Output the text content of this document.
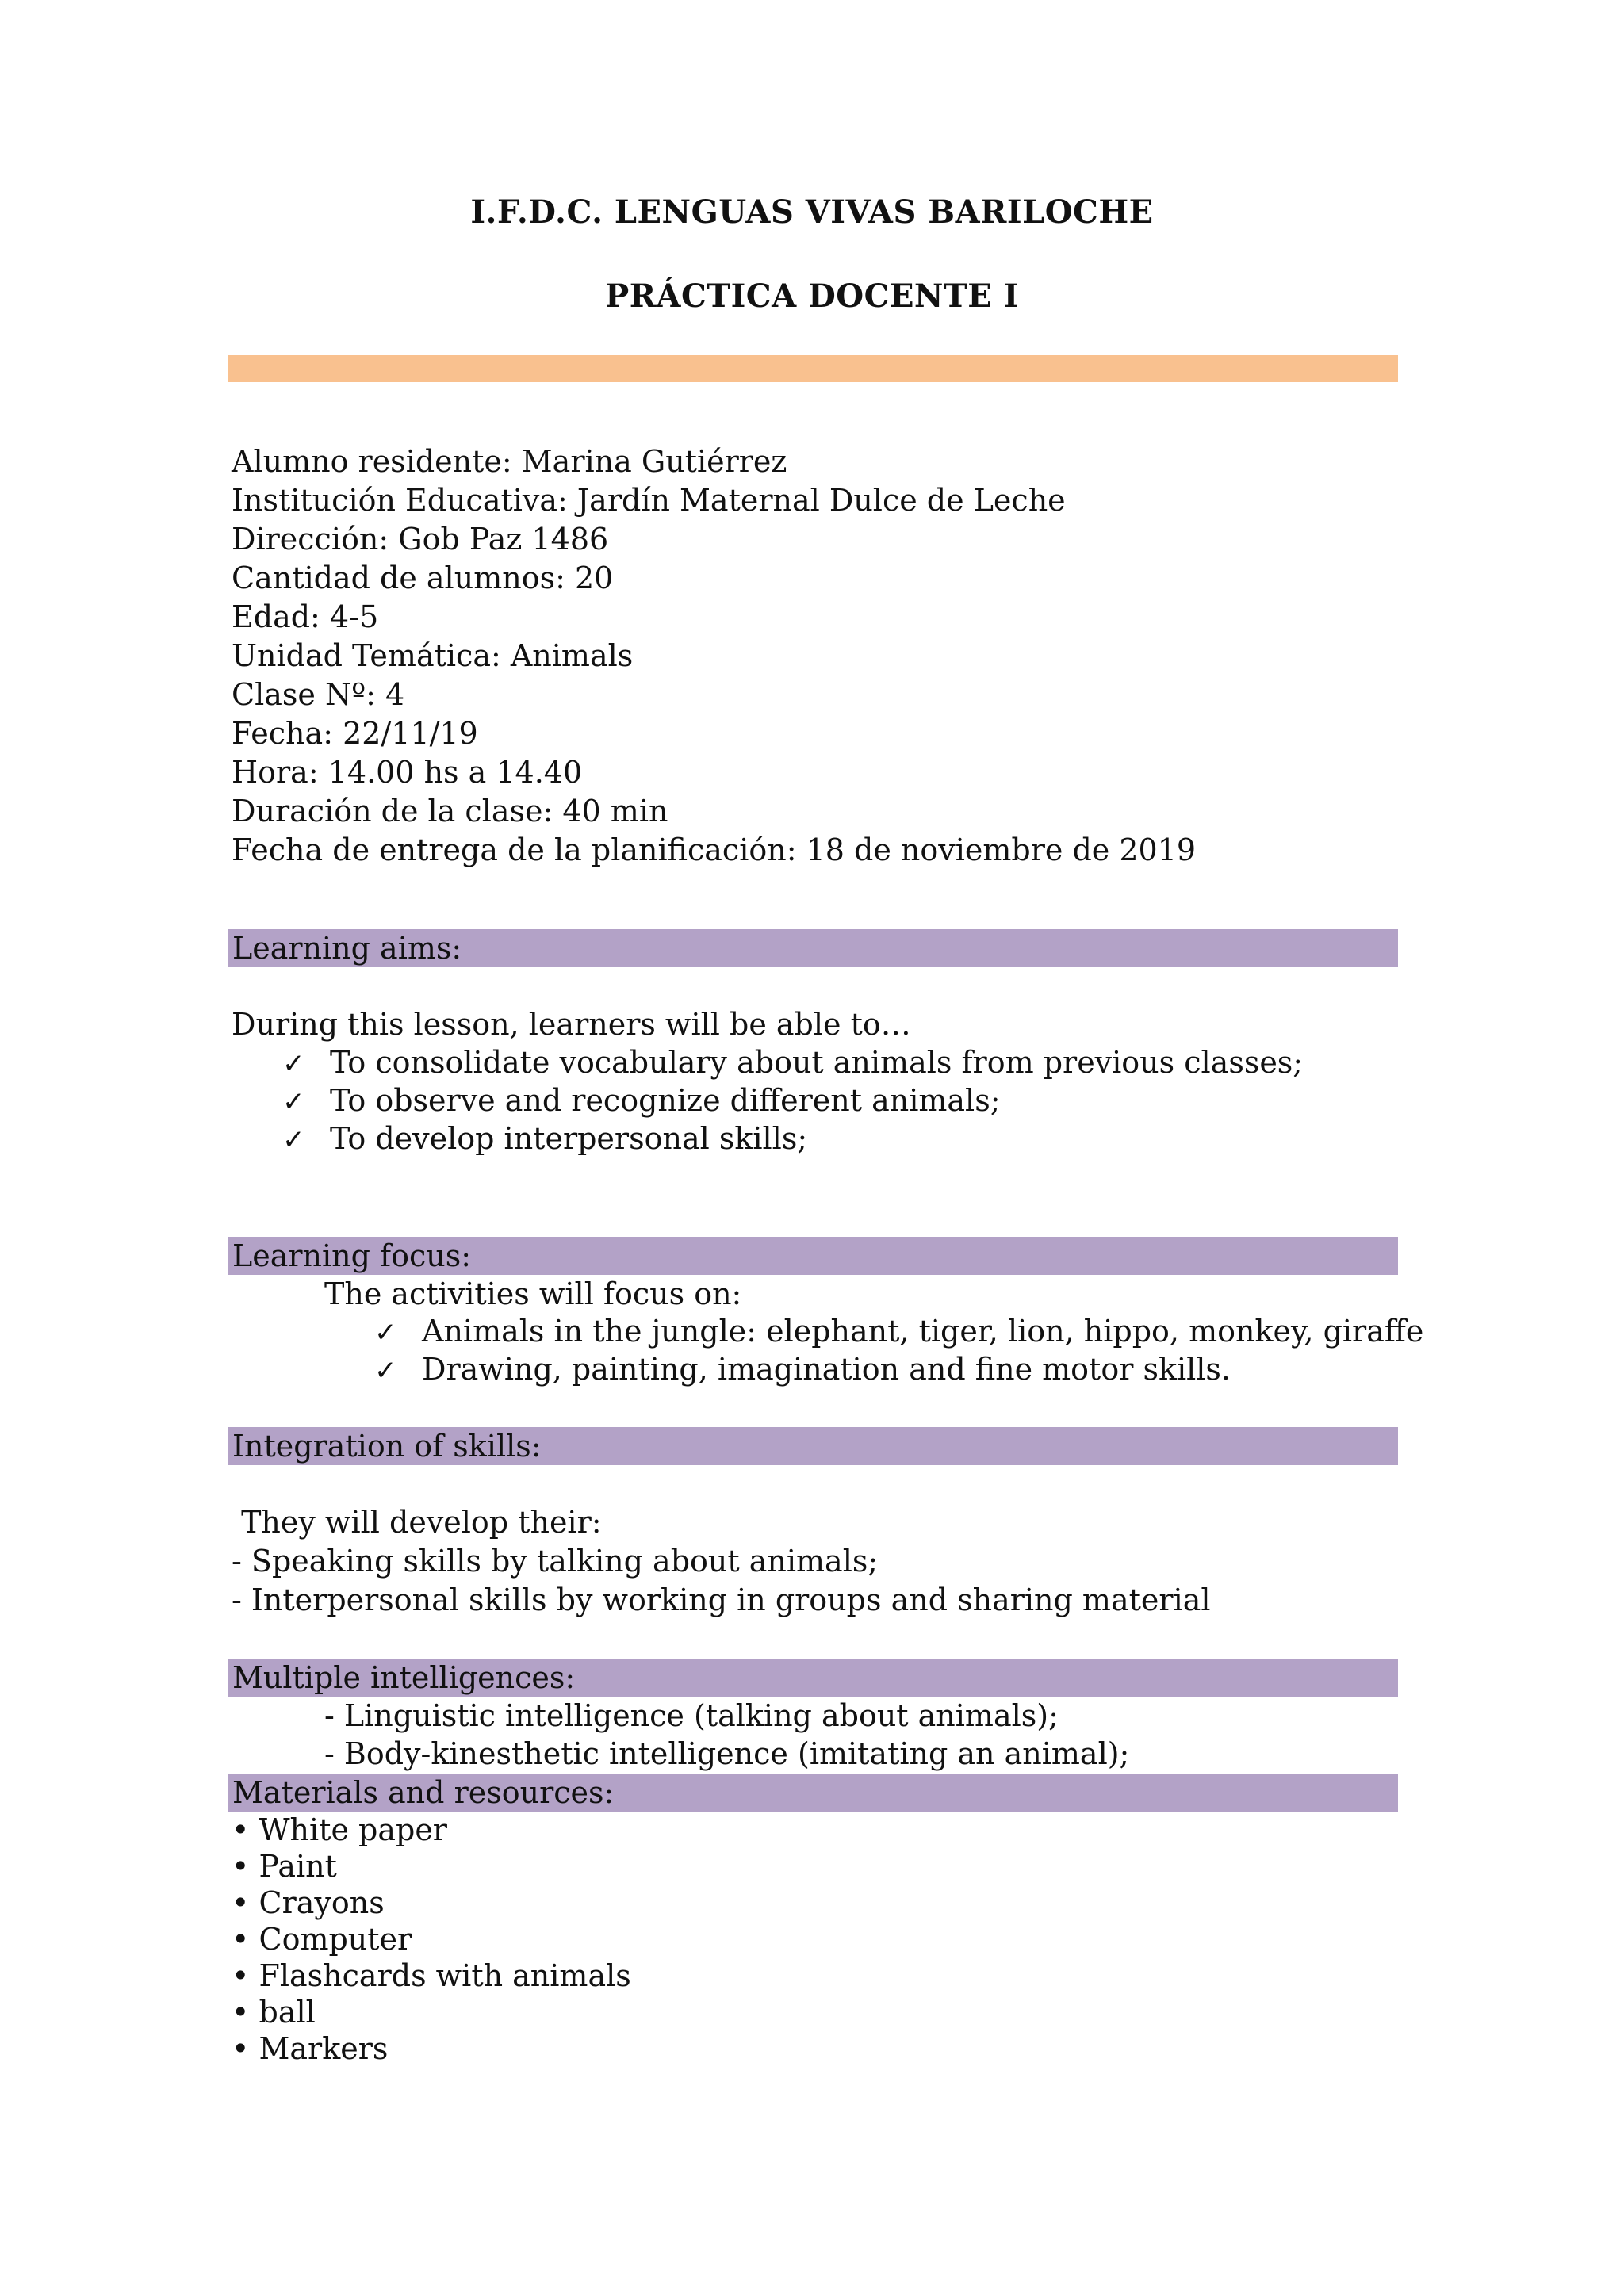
I.F.D.C. LENGUAS VIVAS BARILOCHE
PRÁCTICA DOCENTE I
Alumno residente: Marina Gutiérrez
Institución Educativa: Jardín Maternal Dulce de Leche
Dirección: Gob Paz 1486
Cantidad de alumnos: 20
Edad: 4-5
Unidad Temática: Animals
Clase Nº: 4
Fecha: 22/11/19
Hora: 14.00 hs a 14.40
Duración de la clase: 40 min
Fecha de entrega de la planificación: 18 de noviembre de 2019
Learning aims:
During this lesson, learners will be able to…
✓ To consolidate vocabulary about animals from previous classes;
✓ To observe and recognize different animals;
✓ To develop interpersonal skills;
Learning focus:
The activities will focus on:
✓ Animals in the jungle: elephant, tiger, lion, hippo, monkey, giraffe
✓ Drawing, painting, imagination and fine motor skills.
Integration of skills:
They will develop their:
- Speaking skills by talking about animals;
- Interpersonal skills by working in groups and sharing material
Multiple intelligences:
- Linguistic intelligence (talking about animals);
- Body-kinesthetic intelligence (imitating an animal);
Materials and resources:
• White paper
• Paint
• Crayons
• Computer
• Flashcards with animals
• ball
• Markers
